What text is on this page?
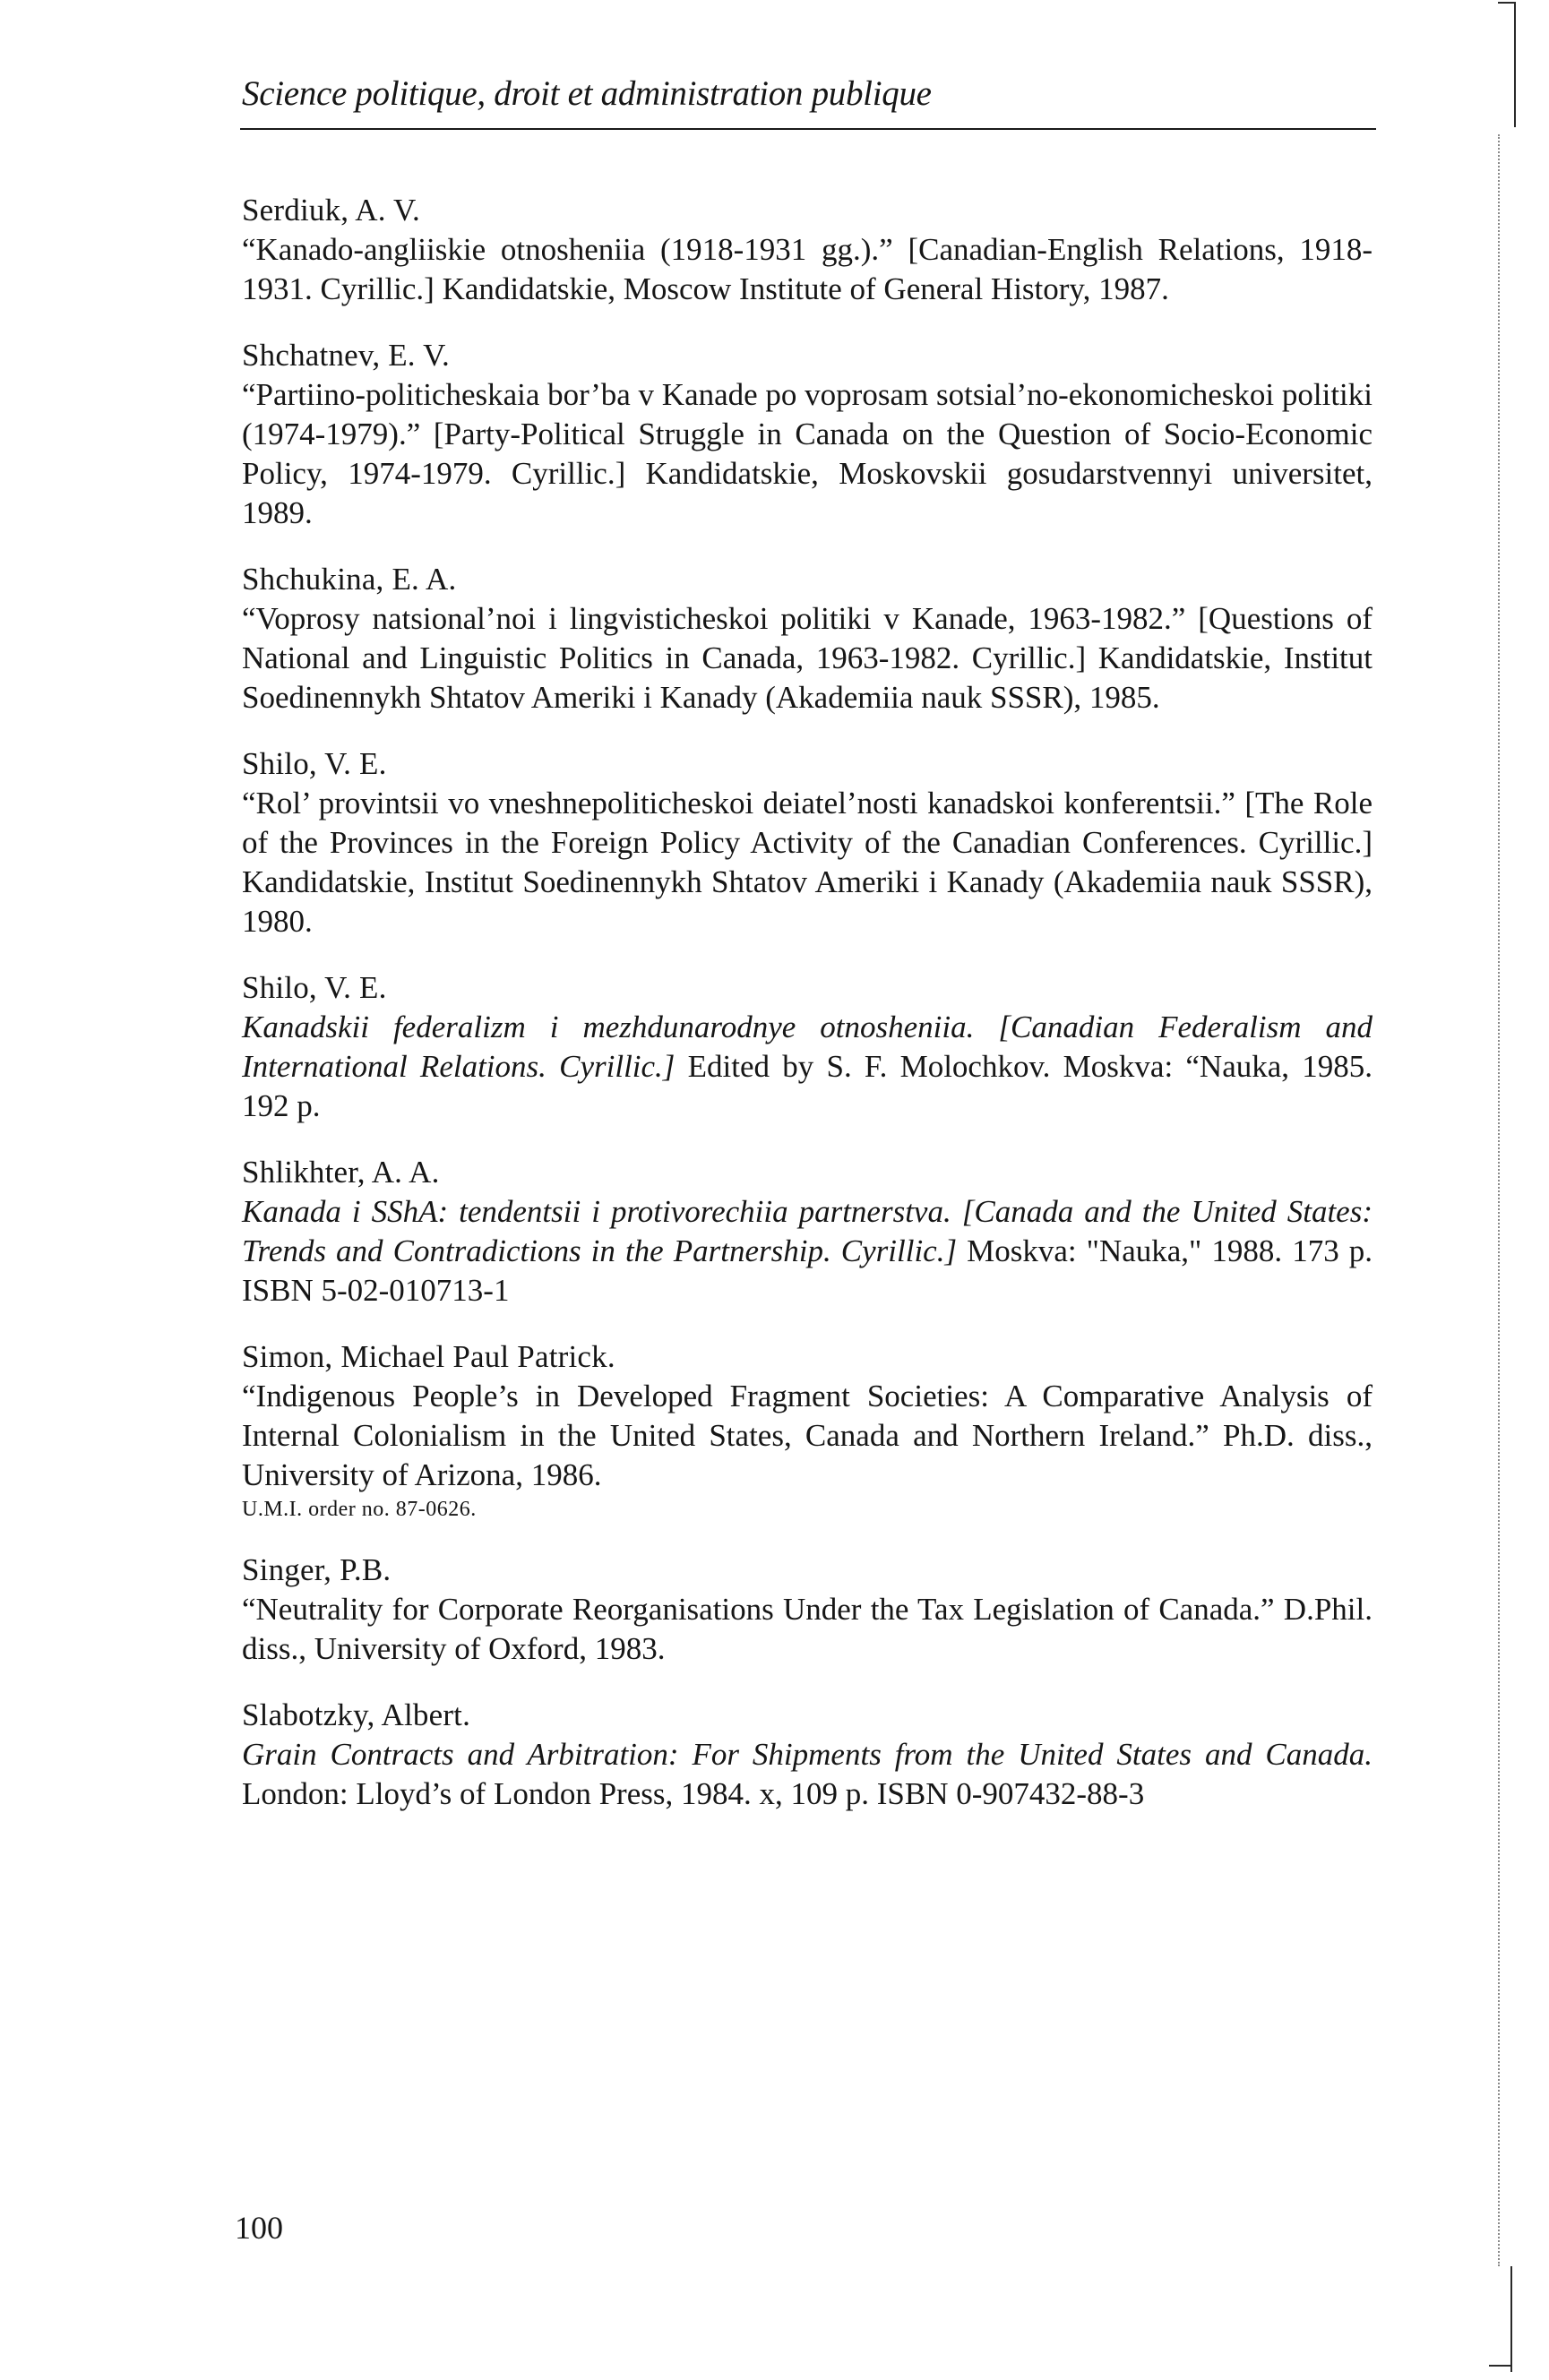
Science politique, droit et administration publique
Serdiuk, A. V.
“Kanado-angliiskie otnosheniia (1918-1931 gg.).” [Canadian-English Relations, 1918-1931. Cyrillic.] Kandidatskie, Moscow Institute of General History, 1987.
Shchatnev, E. V.
“Partiino-politicheskaia bor’ba v Kanade po voprosam sotsial’no-ekonomicheskoi politiki (1974-1979).” [Party-Political Struggle in Canada on the Question of Socio-Economic Policy, 1974-1979. Cyrillic.] Kandidatskie, Moskovskii gosudarstvennyi universitet, 1989.
Shchukina, E. A.
“Voprosy natsional’noi i lingvisticheskoi politiki v Kanade, 1963-1982.” [Questions of National and Linguistic Politics in Canada, 1963-1982. Cyrillic.] Kandidatskie, Institut Soedinennykh Shtatov Ameriki i Kanady (Akademiia nauk SSSR), 1985.
Shilo, V. E.
“Rol’ provintsii vo vneshnepoliticheskoi deiatel’nosti kanadskoi konferentsii.” [The Role of the Provinces in the Foreign Policy Activity of the Canadian Conferences. Cyrillic.] Kandidatskie, Institut Soedinennykh Shtatov Ameriki i Kanady (Akademiia nauk SSSR), 1980.
Shilo, V. E.
Kanadskii federalizm i mezhdunarodnye otnosheniia. [Canadian Federalism and International Relations. Cyrillic.] Edited by S. F. Molochkov. Moskva: “Nauka, 1985. 192 p.
Shlikhter, A. A.
Kanada i SShA: tendentsii i protivorechiia partnerstva. [Canada and the United States: Trends and Contradictions in the Partnership. Cyrillic.] Moskva: "Nauka," 1988. 173 p. ISBN 5-02-010713-1
Simon, Michael Paul Patrick.
“Indigenous People’s in Developed Fragment Societies: A Comparative Analysis of Internal Colonialism in the United States, Canada and Northern Ireland.” Ph.D. diss., University of Arizona, 1986.
U.M.I. order no. 87-0626.
Singer, P.B.
“Neutrality for Corporate Reorganisations Under the Tax Legislation of Canada.” D.Phil. diss., University of Oxford, 1983.
Slabotzky, Albert.
Grain Contracts and Arbitration: For Shipments from the United States and Canada. London: Lloyd’s of London Press, 1984. x, 109 p. ISBN 0-907432-88-3
100
